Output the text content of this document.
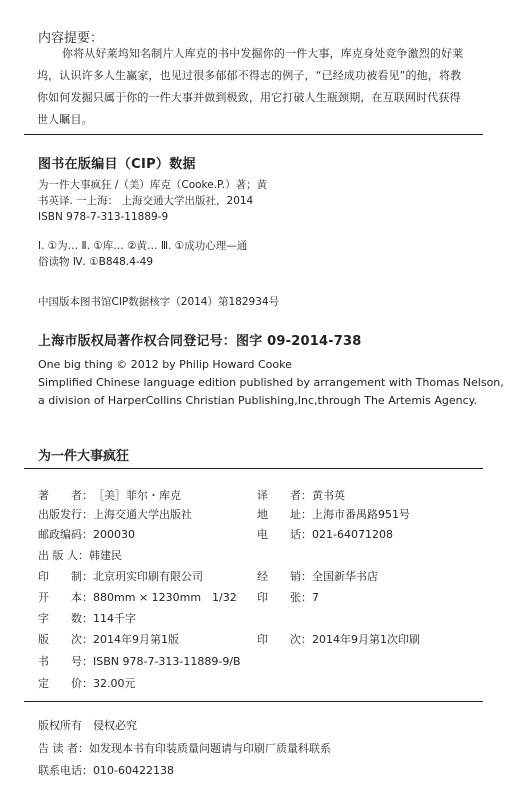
内容提要：
你将从好莱坞知名制片人库克的书中发掘你的一件大事，库克身处竞争激烈的好莱坞，认识许多人生赢家，也见过很多郁郁不得志的例子，“已经成功被看见”的他，将教你如何发掘只属于你的一件大事并做到极致，用它打破人生瓶颈期，在互联网时代获得世人瞩目。
图书在版编目（CIP）数据
为一件大事疯狂 /（美）库克（Cooke.P.）著；黄
书英译. 一上海： 上海交通大学出版社，2014
ISBN 978-7-313-11889-9
Ⅰ. ①为… Ⅱ. ①库… ②黄… Ⅲ. ①成功心理—通
俗读物 Ⅳ. ①B848.4-49
中国版本图书馆CIP数据核字（2014）第182934号
上海市版权局著作权合同登记号：图字 09-2014-738
One big thing © 2012 by Philip Howard Cooke
Simplified Chinese language edition published by arrangement with Thomas Nelson,
a division of HarperCollins Christian Publishing,Inc,through The Artemis Agency.
为一件大事疯狂
著　　者：［美］菲尔・库克
出版发行：上海交通大学出版社
邮政编码：200030
出 版 人：韩建民
印　　制：北京玥实印刷有限公司
开　　本：880mm × 1230mm　1/32
字　　数：114千字
版　　次：2014年9月第1版
书　　号：ISBN 978-7-313-11889-9/B
定　　价：32.00元
译　　者：黄书英
地　　址：上海市番禺路951号
电　　话：021-64071208
经　　销：全国新华书店
印　　张：7
印　　次：2014年9月第1次印刷
版权所有　侵权必究
告 读 者：如发现本书有印装质量问题请与印刷厂质量科联系
联系电话：010-60422138
